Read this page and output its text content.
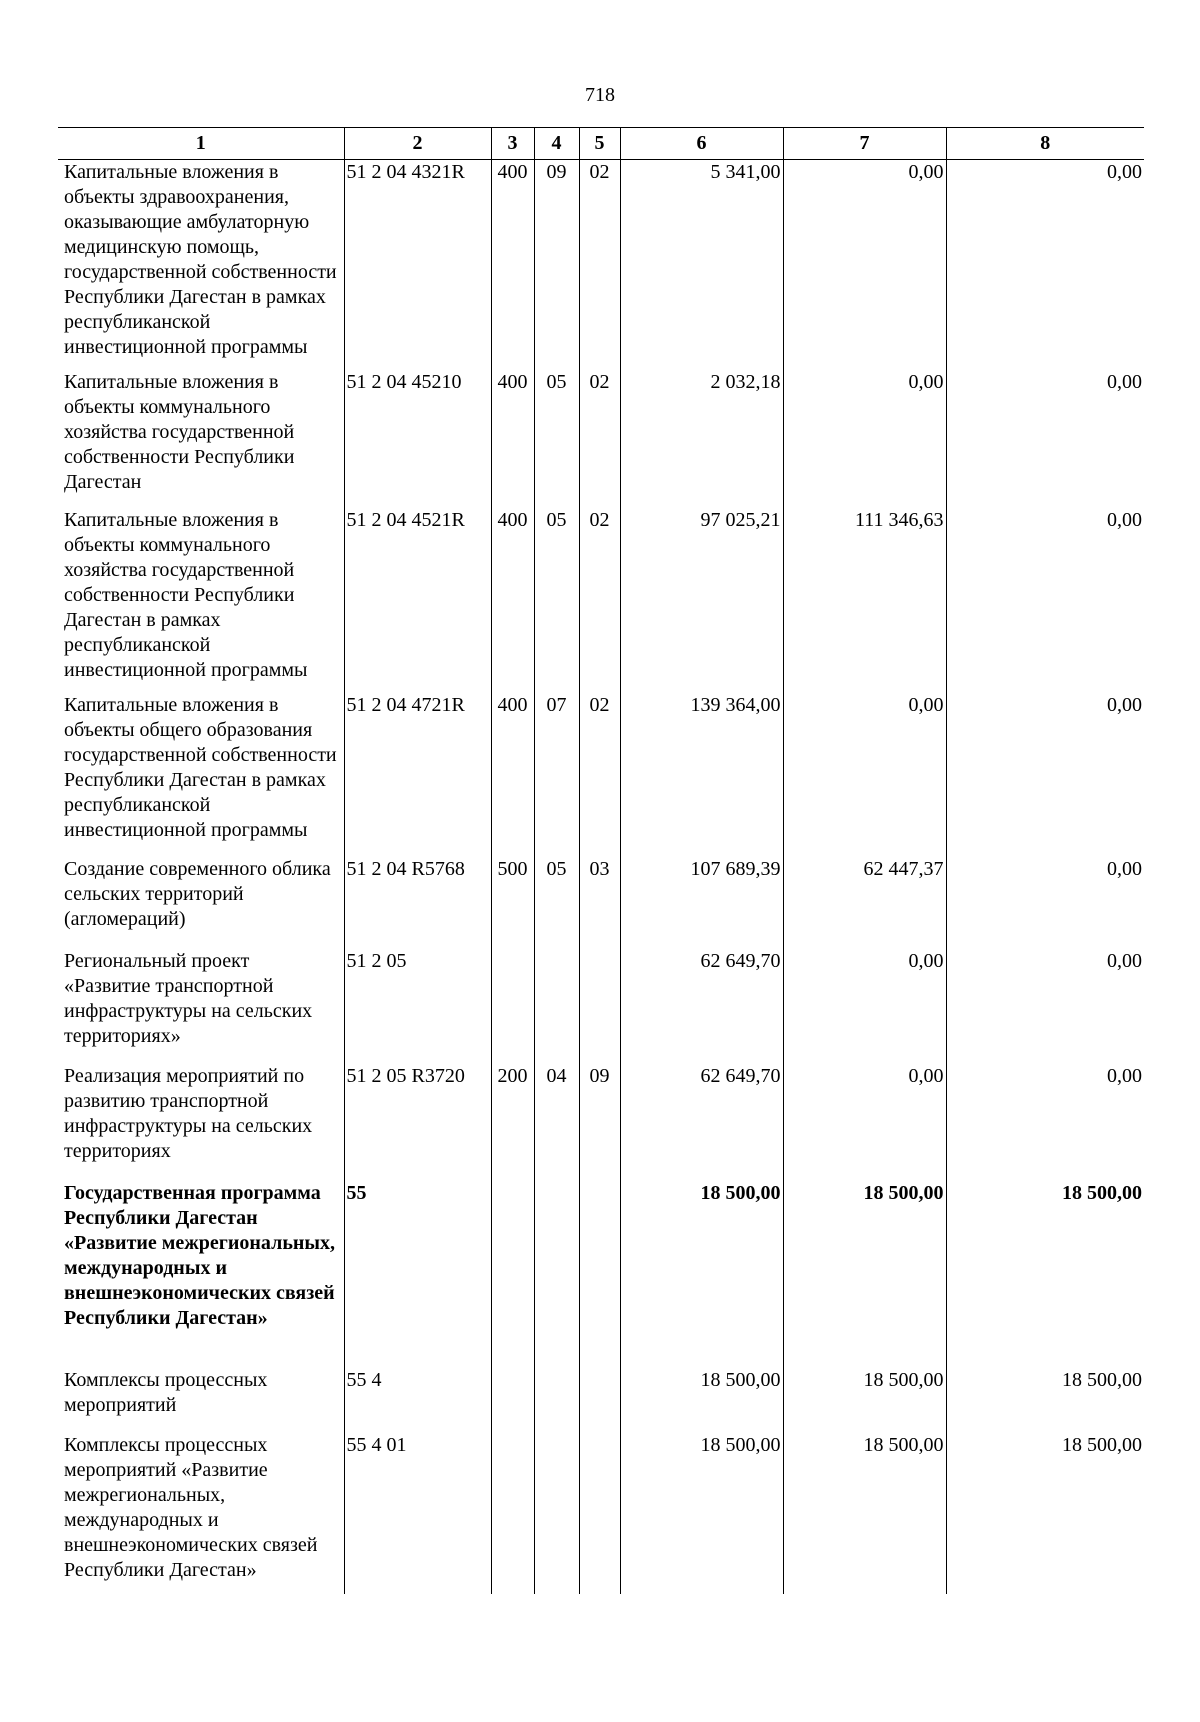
718
1	2	3	4	5	6	7	8
Капитальные вложения в объекты здравоохранения, оказывающие амбулаторную медицинскую помощь, государственной собственности Республики Дагестан в рамках республиканской инвестиционной программы	51 2 04 4321R	400	09	02	5 341,00	0,00	0,00
Капитальные вложения в объекты коммунального хозяйства государственной собственности Республики Дагестан	51 2 04 45210	400	05	02	2 032,18	0,00	0,00
Капитальные вложения в объекты коммунального хозяйства государственной собственности Республики Дагестан в рамках республиканской инвестиционной программы	51 2 04 4521R	400	05	02	97 025,21	111 346,63	0,00
Капитальные вложения в объекты общего образования государственной собственности Республики Дагестан в рамках республиканской инвестиционной программы	51 2 04 4721R	400	07	02	139 364,00	0,00	0,00
Создание современного облика сельских территорий (агломераций)	51 2 04 R5768	500	05	03	107 689,39	62 447,37	0,00
Региональный проект «Развитие транспортной инфраструктуры на сельских территориях»	51 2 05				62 649,70	0,00	0,00
Реализация мероприятий по развитию транспортной инфраструктуры на сельских территориях	51 2 05 R3720	200	04	09	62 649,70	0,00	0,00
Государственная программа Республики Дагестан «Развитие межрегиональных, международных и внешнеэкономических связей Республики Дагестан»	55				18 500,00	18 500,00	18 500,00
Комплексы процессных мероприятий	55 4				18 500,00	18 500,00	18 500,00
Комплексы процессных мероприятий «Развитие межрегиональных, международных и внешнеэкономических связей Республики Дагестан»	55 4 01				18 500,00	18 500,00	18 500,00
